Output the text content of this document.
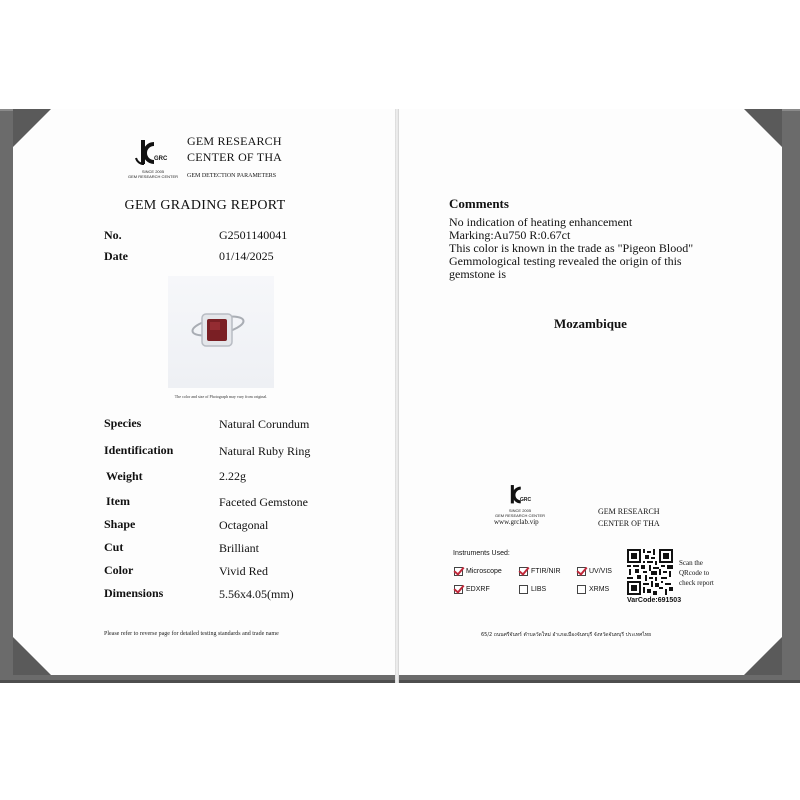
GRC
SINCE 2005
GEM RESEARCH CENTER
GEM RESEARCH
CENTER OF THA
GEM DETECTION PARAMETERS
GEM GRADING REPORT
No.	G2501140041
Date	01/14/2025
The color and size of Photograph may vary from original.
Species	Natural Corundum
Identification	Natural Ruby Ring
Weight	2.22g
Item	Faceted Gemstone
Shape	Octagonal
Cut	Brilliant
Color	Vivid Red
Dimensions	5.56x4.05(mm)
Please refer to reverse page for detailed testing standards and trade name
Comments
No indication of heating enhancement
Marking:Au750 R:0.67ct
This color is known in the trade as "Pigeon Blood"
Gemmological testing revealed the origin of this
gemstone is
Mozambique
GRC
SINCE 2005
GEM RESEARCH CENTER
www.grclab.vip
GEM RESEARCH
CENTER OF THA
Instruments Used:
Microscope	FTIR/NIR	UV/VIS
EDXRF	LIBS	XRMS
Scan the
QRcode to
check report
VarCode:691503
65/2 ถนนศรีจันทร์ ตำบลวัดใหม่ อำเภอเมืองจันทบุรี จังหวัดจันทบุรี ประเทศไทย
